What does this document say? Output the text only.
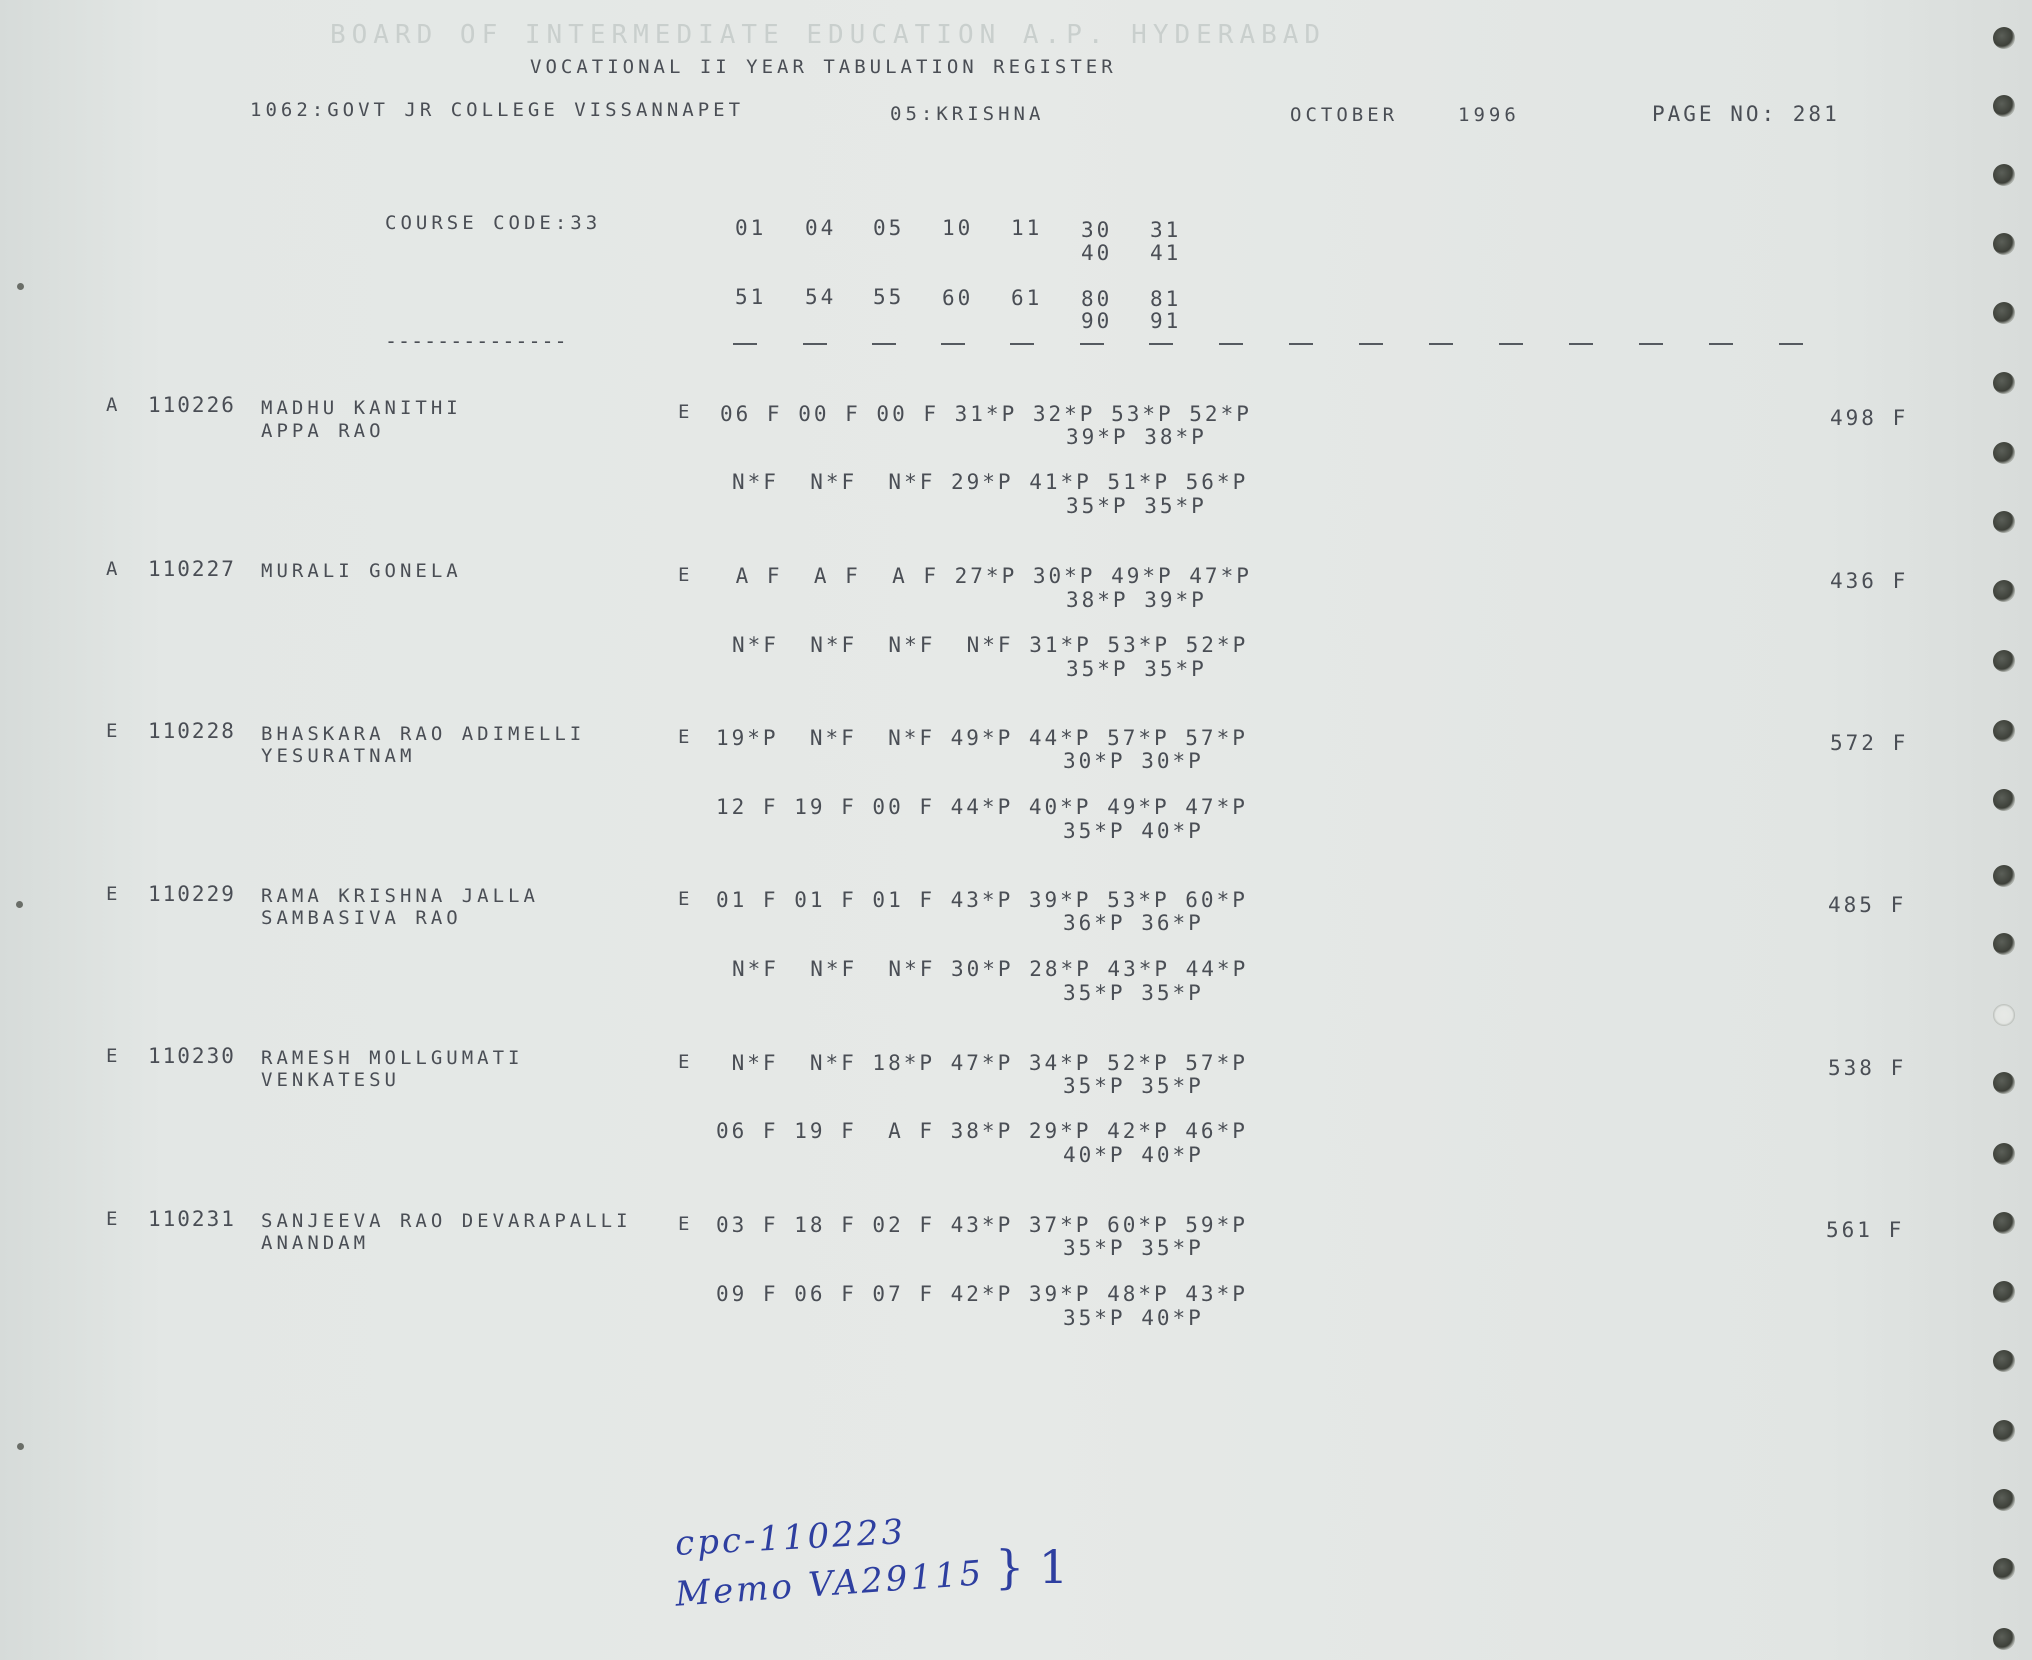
BOARD OF INTERMEDIATE EDUCATION A.P. HYDERABAD
VOCATIONAL II YEAR TABULATION REGISTER
1062:GOVT JR COLLEGE VISSANNAPET	05:KRISHNA	OCTOBER	1996	PAGE NO: 281
COURSE CODE:33	01 04 05 10 11 30 31
40 41
51 54 55 60 61 80 81
90 91
--------------
A 110226 MADHU KANITHI
APPA RAO
E 06 F 00 F 00 F 31*P 32*P 53*P 52*P
39*P 38*P
N*F  N*F  N*F 29*P 41*P 51*P 56*P
35*P 35*P
498 F
A 110227 MURALI GONELA	E A F  A F  A F 27*P 30*P 49*P 47*P
38*P 39*P
N*F  N*F  N*F  N*F 31*P 53*P 52*P
35*P 35*P
436 F
E 110228 BHASKARA RAO ADIMELLI
YESURATNAM
E 19*P  N*F  N*F 49*P 44*P 57*P 57*P
30*P 30*P
12 F 19 F 00 F 44*P 40*P 49*P 47*P
35*P 40*P
572 F
E 110229 RAMA KRISHNA JALLA
SAMBASIVA RAO
E 01 F 01 F 01 F 43*P 39*P 53*P 60*P
36*P 36*P
N*F  N*F  N*F 30*P 28*P 43*P 44*P
35*P 35*P
485 F
E 110230 RAMESH MOLLGUMATI
VENKATESU
E N*F  N*F 18*P 47*P 34*P 52*P 57*P
35*P 35*P
06 F 19 F  A F 38*P 29*P 42*P 46*P
40*P 40*P
538 F
E 110231 SANJEEVA RAO DEVARAPALLI
ANANDAM
E 03 F 18 F 02 F 43*P 37*P 60*P 59*P
35*P 35*P
09 F 06 F 07 F 42*P 39*P 48*P 43*P
35*P 40*P
561 F
cpc-110223
Memo VA29115 } 1
